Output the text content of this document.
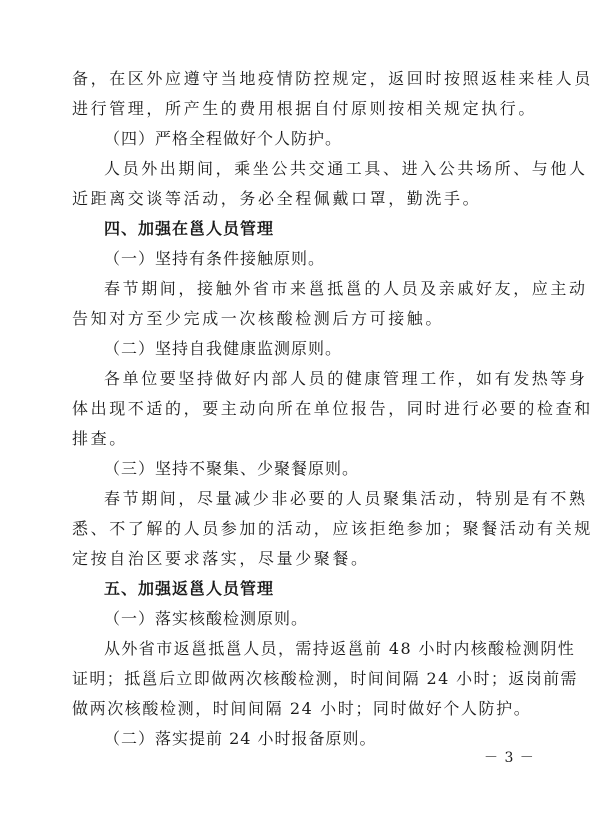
备，在区外应遵守当地疫情防控规定，返回时按照返桂来桂人员
进行管理，所产生的费用根据自付原则按相关规定执行。
（四）严格全程做好个人防护。
人员外出期间，乘坐公共交通工具、进入公共场所、与他人
近距离交谈等活动，务必全程佩戴口罩，勤洗手。
四、加强在邕人员管理
（一）坚持有条件接触原则。
春节期间，接触外省市来邕抵邕的人员及亲戚好友，应主动
告知对方至少完成一次核酸检测后方可接触。
（二）坚持自我健康监测原则。
各单位要坚持做好内部人员的健康管理工作，如有发热等身
体出现不适的，要主动向所在单位报告，同时进行必要的检查和
排查。
（三）坚持不聚集、少聚餐原则。
春节期间，尽量减少非必要的人员聚集活动，特别是有不熟
悉、不了解的人员参加的活动，应该拒绝参加；聚餐活动有关规
定按自治区要求落实，尽量少聚餐。
五、加强返邕人员管理
（一）落实核酸检测原则。
从外省市返邕抵邕人员，需持返邕前 48 小时内核酸检测阴性
证明；抵邕后立即做两次核酸检测，时间间隔 24 小时；返岗前需
做两次核酸检测，时间间隔 24 小时；同时做好个人防护。
（二）落实提前 24 小时报备原则。
－ 3 －
